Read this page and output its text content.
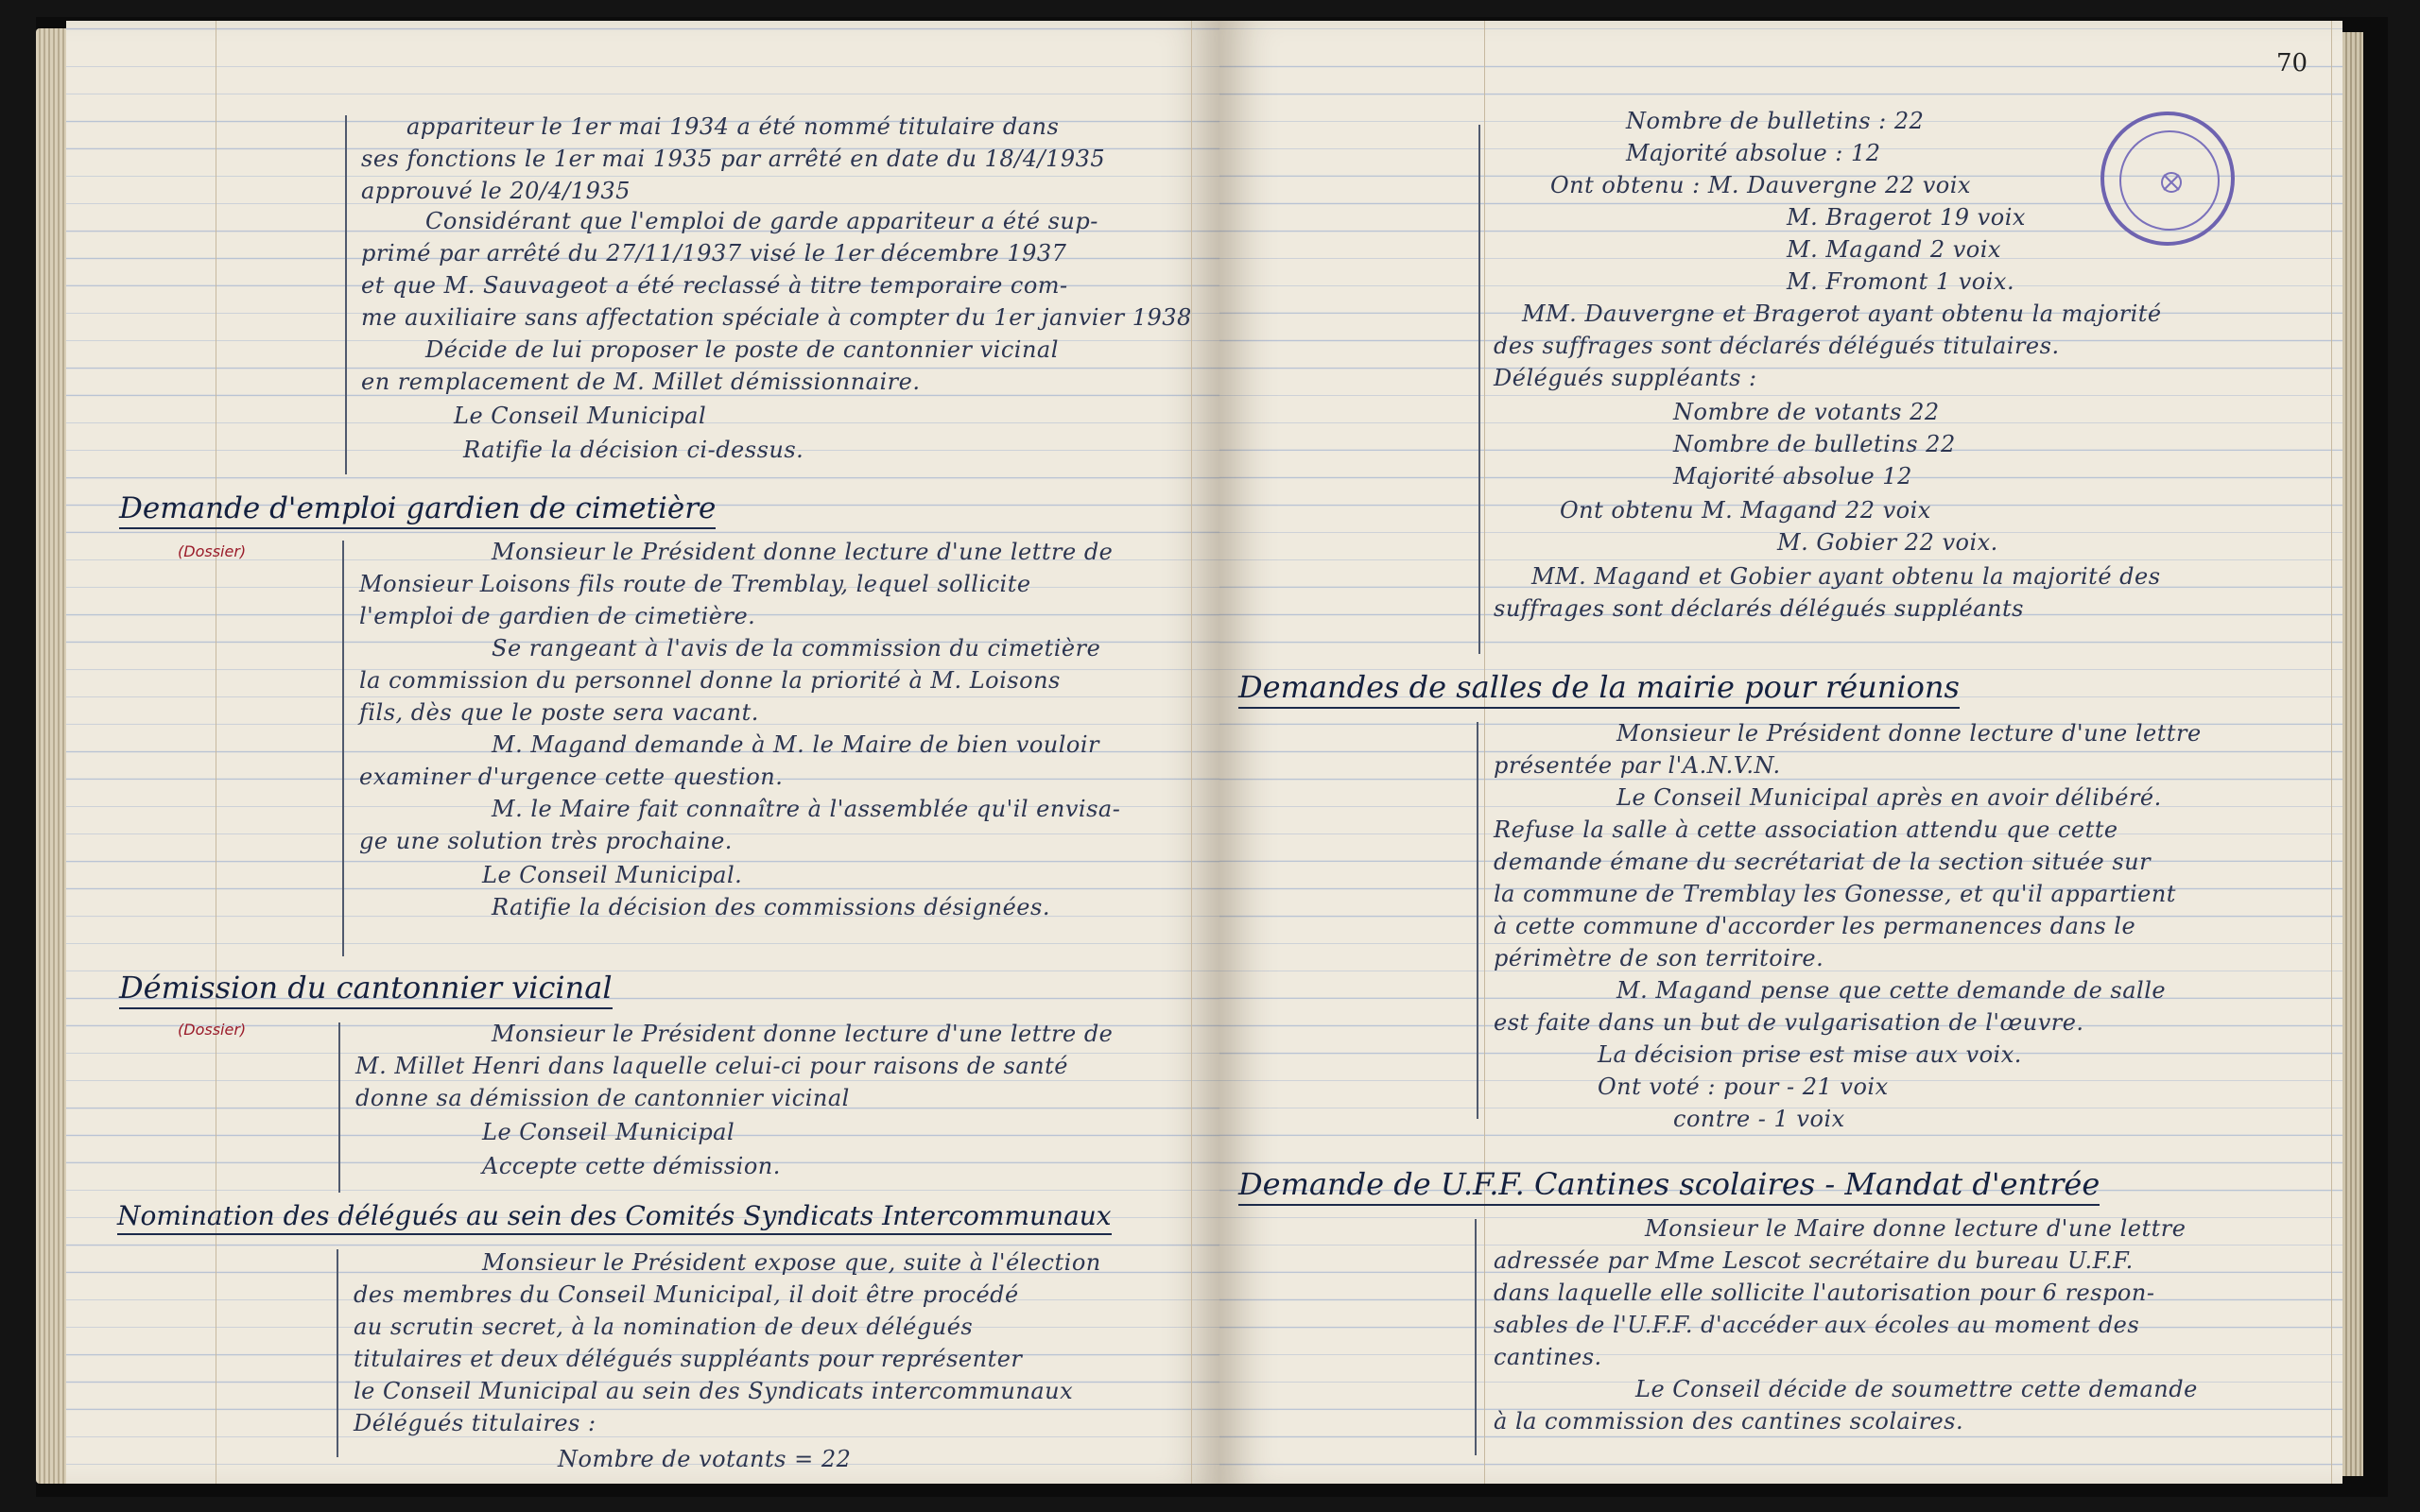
appariteur le 1er mai 1934 a été nommé titulaire dans
ses fonctions le 1er mai 1935 par arrêté en date du 18/4/1935
approuvé le 20/4/1935
Considérant que l'emploi de garde appariteur a été sup-
primé par arrêté du 27/11/1937 visé le 1er décembre 1937
et que M. Sauvageot a été reclassé à titre temporaire com-
me auxiliaire sans affectation spéciale à compter du 1er janvier 1938
Décide de lui proposer le poste de cantonnier vicinal
en remplacement de M. Millet démissionnaire.
Le Conseil Municipal
Ratifie la décision ci-dessus.
Demande d'emploi gardien de cimetière
(Dossier)	Monsieur le Président donne lecture d'une lettre de
Monsieur Loisons fils route de Tremblay, lequel sollicite
l'emploi de gardien de cimetière.
Se rangeant à l'avis de la commission du cimetière
la commission du personnel donne la priorité à M. Loisons
fils, dès que le poste sera vacant.
M. Magand demande à M. le Maire de bien vouloir
examiner d'urgence cette question.
M. le Maire fait connaître à l'assemblée qu'il envisa-
ge une solution très prochaine.
Le Conseil Municipal.
Ratifie la décision des commissions désignées.
Démission du cantonnier vicinal
(Dossier)	Monsieur le Président donne lecture d'une lettre de
M. Millet Henri dans laquelle celui-ci pour raisons de santé
donne sa démission de cantonnier vicinal
Le Conseil Municipal
Accepte cette démission.
Nomination des délégués au sein des Comités Syndicats Intercommunaux
Monsieur le Président expose que, suite à l'élection
des membres du Conseil Municipal, il doit être procédé
au scrutin secret, à la nomination de deux délégués
titulaires et deux délégués suppléants pour représenter
le Conseil Municipal au sein des Syndicats intercommunaux
Délégués titulaires :
Nombre de votants = 22
70
Nombre de bulletins : 22
Majorité absolue : 12
Ont obtenu : M. Dauvergne 22 voix
M. Bragerot 19 voix
M. Magand 2 voix
M. Fromont 1 voix.
MM. Dauvergne et Bragerot ayant obtenu la majorité
des suffrages sont déclarés délégués titulaires.
Délégués suppléants :
Nombre de votants 22
Nombre de bulletins 22
Majorité absolue 12
Ont obtenu M. Magand 22 voix
M. Gobier 22 voix.
MM. Magand et Gobier ayant obtenu la majorité des
suffrages sont déclarés délégués suppléants
Demandes de salles de la mairie pour réunions
Monsieur le Président donne lecture d'une lettre
présentée par l'A.N.V.N.
Le Conseil Municipal après en avoir délibéré.
Refuse la salle à cette association attendu que cette
demande émane du secrétariat de la section située sur
la commune de Tremblay les Gonesse, et qu'il appartient
à cette commune d'accorder les permanences dans le
périmètre de son territoire.
M. Magand pense que cette demande de salle
est faite dans un but de vulgarisation de l'œuvre.
La décision prise est mise aux voix.
Ont voté : pour - 21 voix
contre - 1 voix
Demande de U.F.F. Cantines scolaires - Mandat d'entrée
Monsieur le Maire donne lecture d'une lettre
adressée par Mme Lescot secrétaire du bureau U.F.F.
dans laquelle elle sollicite l'autorisation pour 6 respon-
sables de l'U.F.F. d'accéder aux écoles au moment des
cantines.
Le Conseil décide de soumettre cette demande
à la commission des cantines scolaires.
